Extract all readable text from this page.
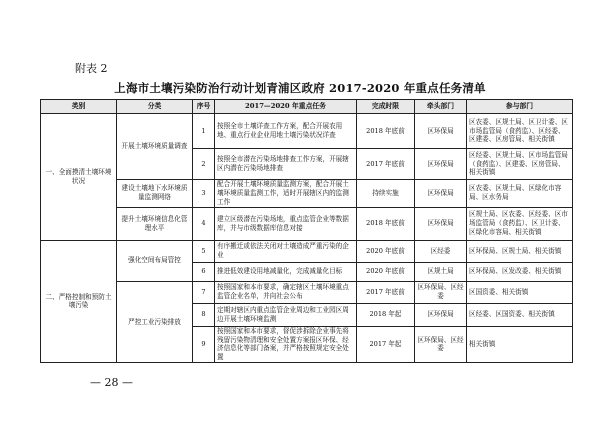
附表 2
上海市土壤污染防治行动计划青浦区政府 2017-2020 年重点任务清单
类别	分类	序号	2017—2020 年重点任务	完成时限	牵头部门	参与部门
一、全面摸清土壤环境状况	开展土壤环境质量调查	1	按照全市土壤详查工作方案，配合开展农用地、重点行业企业用地土壤污染状况详查	2018 年底前	区环保局	区农委、区规土局、区卫计委、区市场监管局（食药监）、区经委、区建委、区房管局、相关街镇
		2	按照全市潜在污染场地排查工作方案，开展辖区内潜在污染场地排查	2017 年底前	区环保局	区经委、区规土局、区市场监管局（食药监）、区建委、区房管局、相关街镇
	建设土壤地下水环境质量监测网络	3	配合开展土壤环境质量监测方案，配合开展土壤环境质量监测工作，适时开展辖区内的监测工作	持续实施	区环保局	区农委、区规土局、区绿化市容局、区水务局
	提升土壤环境信息化管理水平	4	建立区级潜在污染场地，重点监管企业等数据库，并与市级数据库信息对接	2018 年底前	区环保局	区规土局、区农委、区经委、区市场监管局（食药监）、区卫计委、区绿化市容局、相关街镇
二、严格控制和预防土壤污染	强化空间布局管控	5	有序搬迁或依法关闭对土壤造成严重污染的企业	2020 年底前	区经委	区环保局、区规土局、相关街镇
		6	推进低效建设用地减量化，完成减量化目标	2020 年底前	区规土局	区环保局、区发改委、相关街镇
	严控工业污染排放	7	按照国家和本市要求，确定辖区土壤环境重点监管企业名单，并向社会公布	2017 年底前	区环保局、区经委	区国资委、相关街镇
		8	定期对辖区内重点监管企业周边和工业园区周边开展土壤环境监测	2018 年起	区环保局	区经委、区国资委、相关街镇
		9	按照国家和本市要求，督促涉拆除企业事先将残留污染物清理和安全处置方案报区环保、经济信息化等部门备案，并严格按照规定安全处置	2017 年起	区环保局、区经委	相关街镇
— 28 —
